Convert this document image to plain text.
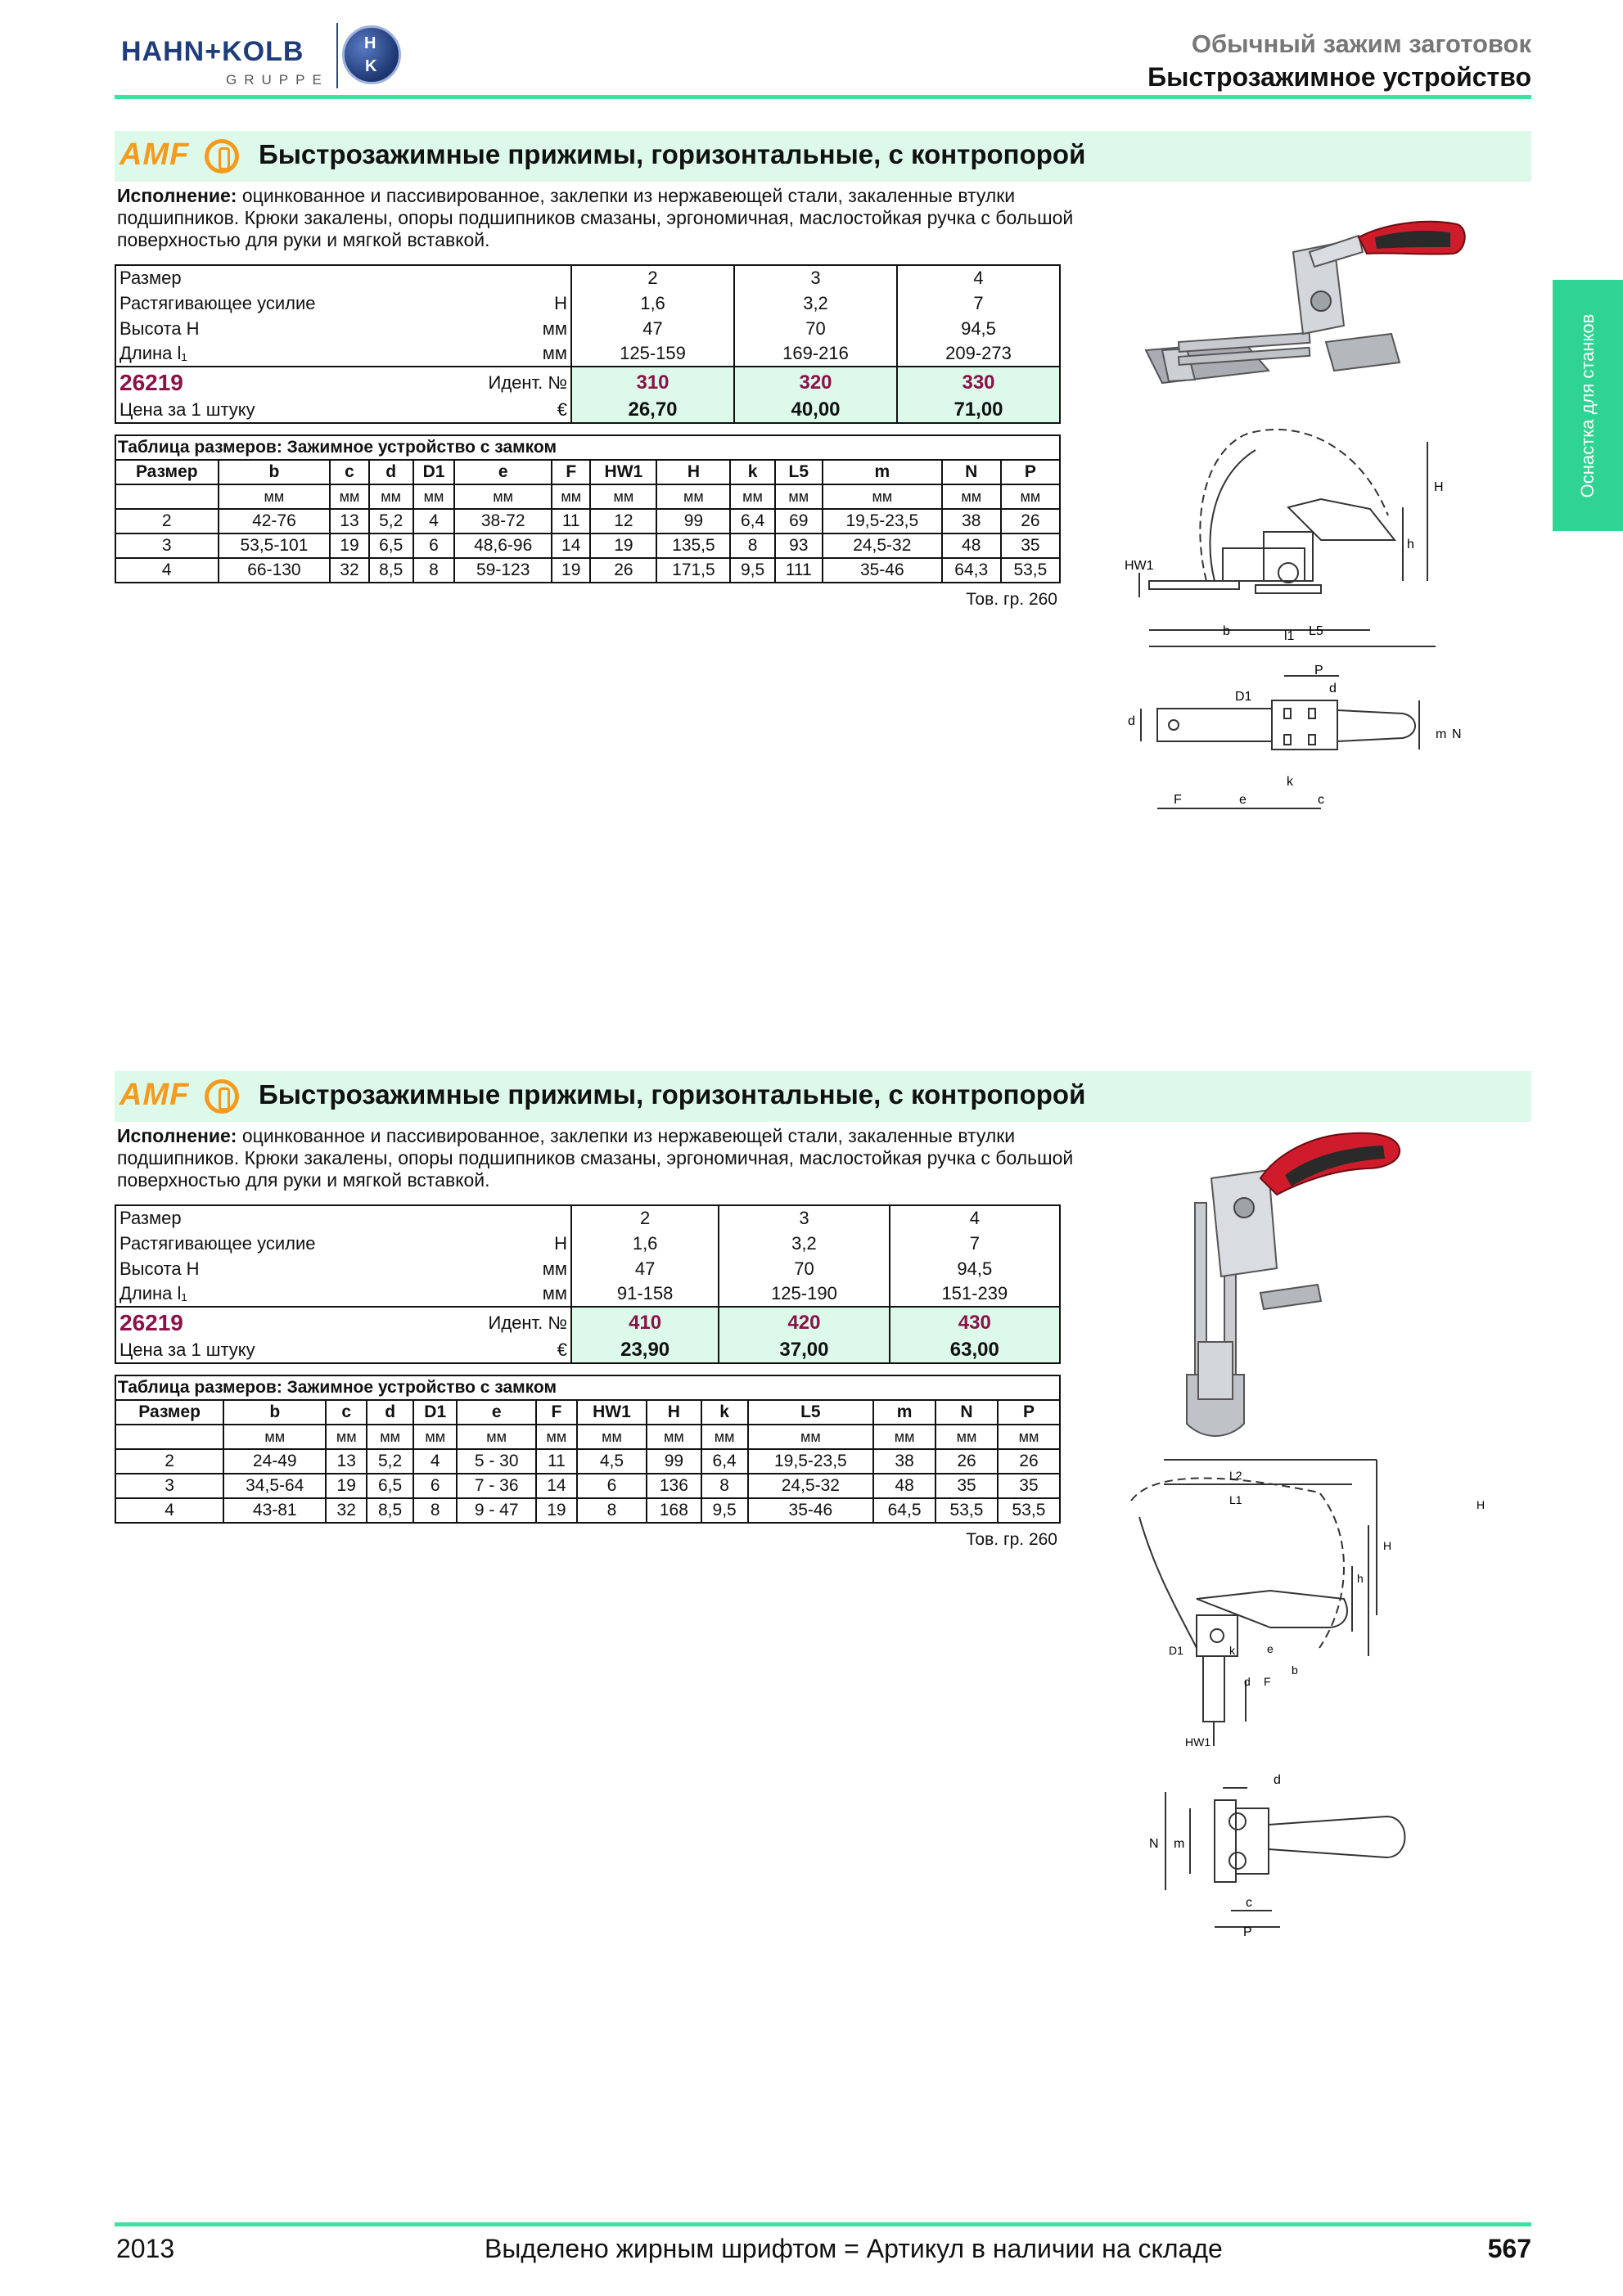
HAHN+KOLB
GRUPPE
H
K
Обычный зажим заготовок
Быстрозажимное устройство
Оснастка для станков
AMF	Быстрозажимные прижимы, горизонтальные, с контропорой
Исполнение: оцинкованное и пассивированное, заклепки из нержавеющей стали, закаленные втулки подшипников. Крюки закалены, опоры подшипников смазаны, эргономичная, маслостойкая ручка с большой поверхностью для руки и мягкой вставкой.
Размер		2	3	4
Растягивающее усилие	Н	1,6	3,2	7
Высота H	мм	47	70	94,5
Длина l₁	мм	125-159	169-216	209-273
26219	Идент. №	310	320	330
Цена за 1 штуку	€	26,70	40,00	71,00
Таблица размеров: Зажимное устройство с замком													
Размер	b	c	d	D1	e	F	HW1	H	k	L5	m	N	P
	мм	мм	мм	мм	мм	мм	мм	мм	мм	мм	мм	мм	мм
2	42-76	13	5,2	4	38-72	11	12	99	6,4	69	19,5-23,5	38	26
3	53,5-101	19	6,5	6	48,6-96	14	19	135,5	8	93	24,5-32	48	35
4	66-130	32	8,5	8	59-123	19	26	171,5	9,5	111	35-46	64,3	53,5
Тов. гр. 260
L5
b	l1
H
h
HW1
P
d
D1
d
m N
F	e
k
c
AMF	Быстрозажимные прижимы, горизонтальные, с контропорой
Исполнение: оцинкованное и пассивированное, заклепки из нержавеющей стали, закаленные втулки подшипников. Крюки закалены, опоры подшипников смазаны, эргономичная, маслостойкая ручка с большой поверхностью для руки и мягкой вставкой.
Размер		2	3	4
Растягивающее усилие	Н	1,6	3,2	7
Высота H	мм	47	70	94,5
Длина l₁	мм	91-158	125-190	151-239
26219	Идент. №	410	420	430
Цена за 1 штуку	€	23,90	37,00	63,00
Таблица размеров: Зажимное устройство с замком													
Размер	b	c	d	D1	e	F	HW1	H	k	L5	m	N	P
	мм	мм	мм	мм	мм	мм	мм	мм	мм	мм	мм	мм	мм
2	24-49	13	5,2	4	5 - 30	11	4,5	99	6,4	19,5-23,5	38	26	26
3	34,5-64	19	6,5	6	7 - 36	14	6	136	8	24,5-32	48	35	35
4	43-81	32	8,5	8	9 - 47	19	8	168	9,5	35-46	64,5	53,5	53,5
Тов. гр. 260
L2
L1
H
H
h
D1	k	e
b
F
d
HW1
d
N m
c
P
2013	Выделено жирным шрифтом = Артикул в наличии на складе	567
